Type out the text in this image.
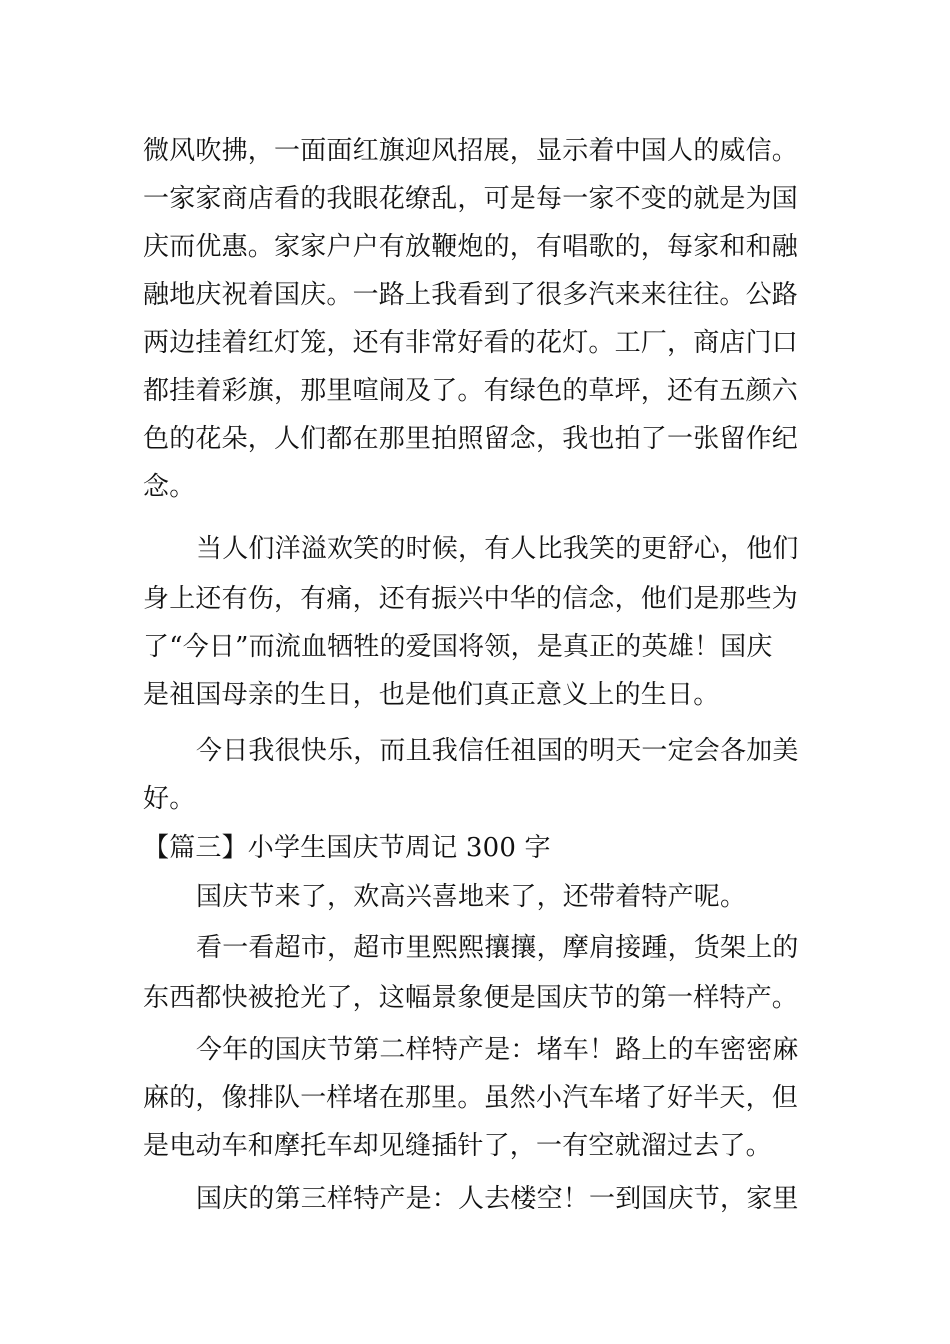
微风吹拂，一面面红旗迎风招展，显示着中国人的威信。
一家家商店看的我眼花缭乱，可是每一家不变的就是为国
庆而优惠。家家户户有放鞭炮的，有唱歌的，每家和和融
融地庆祝着国庆。一路上我看到了很多汽来来往往。公路
两边挂着红灯笼，还有非常好看的花灯。工厂，商店门口
都挂着彩旗，那里喧闹及了。有绿色的草坪，还有五颜六
色的花朵，人们都在那里拍照留念，我也拍了一张留作纪
念。
当人们洋溢欢笑的时候，有人比我笑的更舒心，他们
身上还有伤，有痛，还有振兴中华的信念，他们是那些为
了“今日”而流血牺牲的爱国将领，是真正的英雄！国庆
是祖国母亲的生日，也是他们真正意义上的生日。
今日我很快乐，而且我信任祖国的明天一定会各加美
好。
【篇三】小学生国庆节周记 300 字
国庆节来了，欢高兴喜地来了，还带着特产呢。
看一看超市，超市里熙熙攘攘，摩肩接踵，货架上的
东西都快被抢光了，这幅景象便是国庆节的第一样特产。
今年的国庆节第二样特产是：堵车！路上的车密密麻
麻的，像排队一样堵在那里。虽然小汽车堵了好半天，但
是电动车和摩托车却见缝插针了，一有空就溜过去了。
国庆的第三样特产是：人去楼空！一到国庆节，家里
